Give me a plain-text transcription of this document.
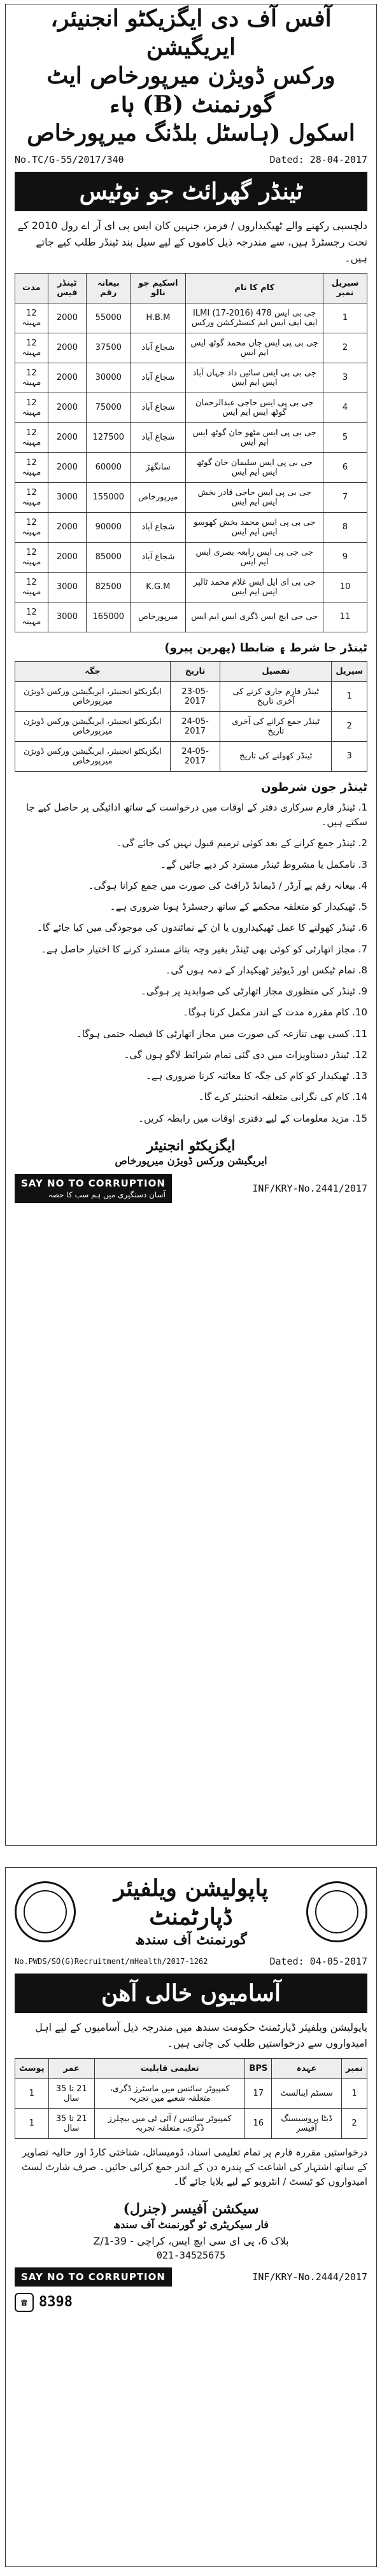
آفس آف دی ایگزیکٹو انجنیئر، ایریگیشن
ورکس ڈویژن میرپورخاص ایٹ گورنمنٹ (B) ہاء
اسکول (ہاسٹل بلڈنگ میرپورخاص
No.TC/G-55/2017/340	Dated: 28-04-2017
ٹینڈر گھرائٹ جو نوٹیس
دلچسپی رکھنے والے ٹھیکیداروں / فرمز، جنہیں کان ایس پی ای آر اے رول 2010 کے تحت رجسٹرڈ ہیں، سے مندرجہ ذیل کاموں کے لیے سیل بند ٹینڈر طلب کیے جاتے ہیں۔
سیریل نمبر	کام کا نام	اسکیم جو نالو	بیعانہ رقم	ٹینڈر فیس	مدت
1	جی بی ایس 478 (2016-17) ILMI ایف ایف ایس ایم کنسٹرکشن ورکس	H.B.M	55000	2000	12 مہینہ
2	جی بی پی ایس جان محمد گوٹھ ایس ایم ایس	شجاع آباد	37500	2000	12 مہینہ
3	جی بی پی ایس سائیں داد جہاں آباد ایس ایم ایس	شجاع آباد	30000	2000	12 مہینہ
4	جی بی پی ایس حاجی عبدالرحمان گوٹھ ایس ایم ایس	شجاع آباد	75000	2000	12 مہینہ
5	جی بی پی ایس مٹھو خان گوٹھ ایس ایم ایس	شجاع آباد	127500	2000	12 مہینہ
6	جی بی پی ایس سلیمان خان گوٹھ ایس ایم ایس	سانگھڑ	60000	2000	12 مہینہ
7	جی بی پی ایس حاجی قادر بخش ایس ایم ایس	میرپورخاص	155000	3000	12 مہینہ
8	جی بی پی ایس محمد بخش کھوسو ایس ایم ایس	شجاع آباد	90000	2000	12 مہینہ
9	جی جی پی ایس رابعہ بصری ایس ایم ایس	شجاع آباد	85000	2000	12 مہینہ
10	جی بی ای ایل ایس غلام محمد ٹالپر ایس ایم ایس	K.G.M	82500	3000	12 مہینہ
11	جی جی ایچ ایس ڈگری ایس ایم ایس	میرپورخاص	165000	3000	12 مہینہ
ٹینڈر جا شرط ۽ ضابطا (پھرین پیرو)
سیریل	تفصیل	تاریخ	جگہ
1	ٹینڈر فارم جاری کرنے کی آخری تاریخ	23-05-2017	ایگزیکٹو انجنیئر، ایریگیشن ورکس ڈویژن میرپورخاص
2	ٹینڈر جمع کرانے کی آخری تاریخ	24-05-2017	ایگزیکٹو انجنیئر، ایریگیشن ورکس ڈویژن میرپورخاص
3	ٹینڈر کھولنے کی تاریخ	24-05-2017	ایگزیکٹو انجنیئر، ایریگیشن ورکس ڈویژن میرپورخاص
ٹینڈر جون شرطون
1. ٹینڈر فارم سرکاری دفتر کے اوقات میں درخواست کے ساتھ ادائیگی پر حاصل کیے جا سکتے ہیں۔
2. ٹینڈر جمع کرانے کے بعد کوئی ترمیم قبول نہیں کی جائے گی۔
3. نامکمل یا مشروط ٹینڈر مسترد کر دیے جائیں گے۔
4. بیعانہ رقم پے آرڈر / ڈیمانڈ ڈرافٹ کی صورت میں جمع کرانا ہوگی۔
5. ٹھیکیدار کو متعلقہ محکمے کے ساتھ رجسٹرڈ ہونا ضروری ہے۔
6. ٹینڈر کھولنے کا عمل ٹھیکیداروں یا ان کے نمائندوں کی موجودگی میں کیا جائے گا۔
7. مجاز اتھارٹی کو کوئی بھی ٹینڈر بغیر وجہ بتائے مسترد کرنے کا اختیار حاصل ہے۔
8. تمام ٹیکس اور ڈیوٹیز ٹھیکیدار کے ذمہ ہوں گی۔
9. ٹینڈر کی منظوری مجاز اتھارٹی کی صوابدید پر ہوگی۔
10. کام مقررہ مدت کے اندر مکمل کرنا ہوگا۔
11. کسی بھی تنازعہ کی صورت میں مجاز اتھارٹی کا فیصلہ حتمی ہوگا۔
12. ٹینڈر دستاویزات میں دی گئی تمام شرائط لاگو ہوں گی۔
13. ٹھیکیدار کو کام کی جگہ کا معائنہ کرنا ضروری ہے۔
14. کام کی نگرانی متعلقہ انجنیئر کرے گا۔
15. مزید معلومات کے لیے دفتری اوقات میں رابطہ کریں۔
ایگزیکٹو انجنیئر
ایریگیشن ورکس ڈویژن میرپورخاص
SAY NO TO CORRUPTION
آسان دستگیری میں ہم سب کا حصہ
INF/KRY-No.2441/2017
پاپولیشن ویلفیئر ڈپارٹمنٹ
گورنمنٹ آف سندھ
No.PWDS/SO(G)Recruitment/mHealth/2017-1262	Dated: 04-05-2017
آسامیوں خالی آھن
پاپولیشن ویلفیئر ڈپارٹمنٹ حکومت سندھ میں مندرجہ ذیل آسامیوں کے لیے اہل امیدواروں سے درخواستیں طلب کی جاتی ہیں۔
نمبر	عہدہ	BPS	تعلیمی قابلیت	عمر	پوسٹ
1	سسٹم اینالسٹ	17	کمپیوٹر سائنس میں ماسٹرز ڈگری، متعلقہ شعبے میں تجربہ	21 تا 35 سال	1
2	ڈیٹا پروسیسنگ آفیسر	16	کمپیوٹر سائنس / آئی ٹی میں بیچلرز ڈگری، متعلقہ تجربہ	21 تا 35 سال	1
درخواستیں مقررہ فارم پر تمام تعلیمی اسناد، ڈومیسائل، شناختی کارڈ اور حالیہ تصاویر کے ساتھ اشتہار کی اشاعت کے پندرہ دن کے اندر جمع کرائی جائیں۔ صرف شارٹ لسٹ امیدواروں کو ٹیسٹ / انٹرویو کے لیے بلایا جائے گا۔
سیکشن آفیسر (جنرل)
فار سیکریٹری ٹو گورنمنٹ آف سندھ
بلاک 6، پی ای سی ایچ ایس، کراچی - 39-Z/1
021-34525675
SAY NO TO CORRUPTION	INF/KRY-No.2444/2017
☎ 8398
